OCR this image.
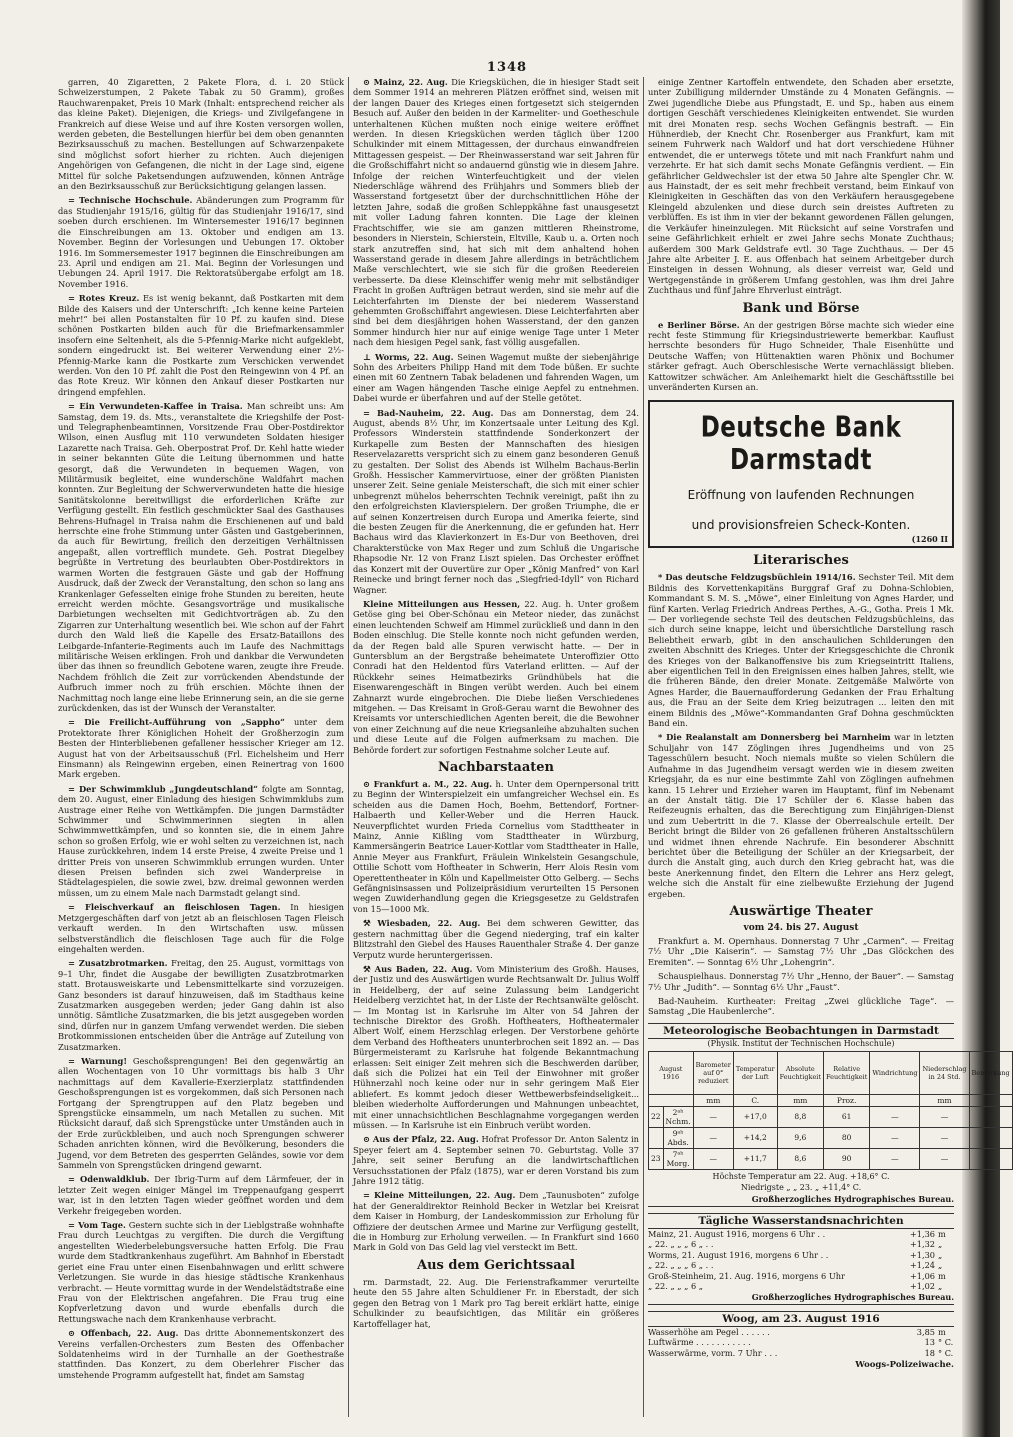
1348

garren, 40 Zigaretten, 2 Pakete Flora, d. i. 20 Stück Schweizerstumpen, 2 Pakete Tabak zu 50 Gramm), großes Rauchwarenpaket, Preis 10 Mark (Inhalt: entsprechend reicher als das kleine Paket). Diejenigen, die Kriegs- und Zivilgefangene in Frankreich auf diese Weise und auf ihre Kosten versorgen wollen, werden gebeten, die Bestellungen hierfür bei dem oben genannten Bezirksausschuß zu machen. Bestellungen auf Schwarzenpakete sind möglichst sofort hierher zu richten. Auch diejenigen Angehörigen von Gefangenen, die nicht in der Lage sind, eigene Mittel für solche Paketsendungen aufzuwenden, können Anträge an den Bezirksausschuß zur Berücksichtigung gelangen lassen.

= Technische Hochschule. Abänderungen zum Programm für das Studienjahr 1915/16, gültig für das Studienjahr 1916/17, sind soeben durch erschienen. Im Wintersemester 1916/17 beginnen die Einschreibungen am 13. Oktober und endigen am 13. November. Beginn der Vorlesungen und Uebungen 17. Oktober 1916. Im Sommersemester 1917 beginnen die Einschreibungen am 23. April und endigen am 21. Mai. Beginn der Vorlesungen und Uebungen 24. April 1917. Die Rektoratsübergabe erfolgt am 18. November 1916.

= Rotes Kreuz. Es ist wenig bekannt, daß Postkarten mit dem Bilde des Kaisers und der Unterschrift: „Ich kenne keine Parteien mehr!“ bei allen Postanstalten für 10 Pf. zu kaufen sind. Diese schönen Postkarten bilden auch für die Briefmarkensammler insofern eine Seltenheit, als die 5-Pfennig-Marke nicht aufgeklebt, sondern eingedruckt ist. Bei weiterer Verwendung einer 2½-Pfennig-Marke kann die Postkarte zum Verschicken verwendet werden. Von den 10 Pf. zahlt die Post den Reingewinn von 4 Pf. an das Rote Kreuz. Wir können den Ankauf dieser Postkarten nur dringend empfehlen.

= Ein Verwundeten-Kaffee in Traisa. Man schreibt uns: Am Samstag, dem 19. ds. Mts., veranstaltete die Kriegshilfe der Post- und Telegraphenbeamtinnen, Vorsitzende Frau Ober-Postdirektor Wilson, einen Ausflug mit 110 verwundeten Soldaten hiesiger Lazarette nach Traisa. Geh. Oberpostrat Prof. Dr. Kehl hatte wieder in seiner bekannten Güte die Leitung übernommen und hatte gesorgt, daß die Verwundeten in bequemen Wagen, von Militärmusik begleitet, eine wunderschöne Waldfahrt machen konnten. Zur Begleitung der Schwerverwundeten hatte die hiesige Sanitätskolonne bereitwilligst die erforderlichen Kräfte zur Verfügung gestellt. Ein festlich geschmückter Saal des Gasthauses Behrens-Hufnagel in Traisa nahm die Erschienenen auf und bald herrschte eine frohe Stimmung unter Gästen und Gastgeberinnen, da auch für Bewirtung, freilich den derzeitigen Verhältnissen angepaßt, allen vortrefflich mundete. Geh. Postrat Diegelbey begrüßte in Vertretung des beurlaubten Ober-Postdirektors in warmen Worten die festgrauen Gäste und gab der Hoffnung Ausdruck, daß der Zweck der Veranstaltung, den schon so lang ans Krankenlager Gefesselten einige frohe Stunden zu bereiten, heute erreicht werden möchte. Gesangsvorträge und musikalische Darbietungen wechselten mit Gedichtvorträgen ab. Zu den Zigarren zur Unterhaltung wesentlich bei. Wie schon auf der Fahrt durch den Wald ließ die Kapelle des Ersatz-Bataillons des Leibgarde-Infanterie-Regiments auch im Laufe des Nachmittags militärische Weisen erklingen. Froh und dankbar die Verwundeten über das ihnen so freundlich Gebotene waren, zeugte ihre Freude. Nachdem fröhlich die Zeit zur vorrückenden Abendstunde der Aufbruch immer noch zu früh erschien. Möchte ihnen der Nachmittag noch lange eine liebe Erinnerung sein, an die sie gerne zurückdenken, das ist der Wunsch der Veranstalter.

= Die Freilicht-Aufführung von „Sappho“ unter dem Protektorate Ihrer Königlichen Hoheit der Großherzogin zum Besten der Hinterbliebenen gefallener hessischer Krieger am 12. August hat von der Arbeitsausschuß (Frl. Eichelsheim und Herr Einsmann) als Reingewinn ergeben, einen Reinertrag von 1600 Mark ergeben.

= Der Schwimmklub „Jungdeutschland“ folgte am Sonntag, dem 20. August, einer Einladung des hiesigen Schwimmklubs zum Austrage einer Reihe von Wettkämpfen. Die jungen Darmstädter Schwimmer und Schwimmerinnen siegten in allen Schwimmwettkämpfen, und so konnten sie, die in einem Jahre schon so großen Erfolg, wie er wohl selten zu verzeichnen ist, nach Hause zurückkehren, indem 14 erste Preise, 4 zweite Preise und 1 dritter Preis von unseren Schwimmklub errungen wurden. Unter diesen Preisen befinden sich zwei Wanderpreise in Städtelagespielen, die sowie zwei, bzw. dreimal gewonnen werden müssen, um zu einem Male nach Darmstadt gelangt sind.

= Fleischverkauf an fleischlosen Tagen. In hiesigen Metzgergeschäften darf von jetzt ab an fleischlosen Tagen Fleisch verkauft werden. In den Wirtschaften usw. müssen selbstverständlich die fleischlosen Tage auch für die Folge eingehalten werden.

= Zusatzbrotmarken. Freitag, den 25. August, vormittags von 9–1 Uhr, findet die Ausgabe der bewilligten Zusatzbrotmarken statt. Brotausweiskarte und Lebensmittelkarte sind vorzuzeigen. Ganz besonders ist darauf hinzuweisen, daß im Stadthaus keine Zusatzmarken ausgegeben werden; jeder Gang dahin ist also unnötig. Sämtliche Zusatzmarken, die bis jetzt ausgegeben worden sind, dürfen nur in ganzem Umfang verwendet werden. Die sieben Brotkommissionen entscheiden über die Anträge auf Zuteilung von Zusatzmarken.

= Warnung! Geschoßsprengungen! Bei den gegenwärtig an allen Wochentagen von 10 Uhr vormittags bis halb 3 Uhr nachmittags auf dem Kavallerie-Exerzierplatz stattfindenden Geschoßsprengungen ist es vorgekommen, daß sich Personen nach Fortgang der Sprengtruppen auf den Platz begeben und Sprengstücke einsammeln, um nach Metallen zu suchen. Mit Rücksicht darauf, daß sich Sprengstücke unter Umständen auch in der Erde zurückbleiben, und auch noch Sprengungen schwerer Schaden anrichten können, wird die Bevölkerung, besonders die Jugend, vor dem Betreten des gesperrten Geländes, sowie vor dem Sammeln von Sprengstücken dringend gewarnt.

= Odenwaldklub. Der Ibrig-Turm auf dem Lärmfeuer, der in letzter Zeit wegen einiger Mängel im Treppenaufgang gesperrt war, ist in den letzten Tagen wieder geöffnet worden und dem Verkehr freigegeben worden.

= Vom Tage. Gestern suchte sich in der Lieblgstraße wohnhafte Frau durch Leuchtgas zu vergiften. Die durch die Vergiftung angestellten Wiederbelebungsversuche hatten Erfolg. Die Frau wurde dem Stadtkrankenhaus zugeführt. Am Bahnhof in Eberstadt geriet eine Frau unter einen Eisenbahnwagen und erlitt schwere Verletzungen. Sie wurde in das hiesige städtische Krankenhaus verbracht. — Heute vormittag wurde in der Wendelstädtstraße eine Frau von der Elektrischen angefahren. Die Frau trug eine Kopfverletzung davon und wurde ebenfalls durch die Rettungswache nach dem Krankenhause verbracht.

⊙ Offenbach, 22. Aug. Das dritte Abonnementskonzert des Vereins verfallen-Orchesters zum Besten des Offenbacher Soldatenheims wird in der Turnhalle an der Goethestraße stattfinden. Das Konzert, zu dem Oberlehrer Fischer das umstehende Programm aufgestellt hat, findet am Samstag

⊙ Mainz, 22. Aug. Die Kriegsküchen, die in hiesiger Stadt seit dem Sommer 1914 an mehreren Plätzen eröffnet sind, weisen mit der langen Dauer des Krieges einen fortgesetzt sich steigernden Besuch auf. Außer den beiden in der Karmeliter- und Goetheschule unterhaltenen Küchen mußten noch einige weitere eröffnet werden. In diesen Kriegsküchen werden täglich über 1200 Schulkinder mit einem Mittagessen, der durchaus einwandfreien Mittagessen gespeist. — Der Rheinwasserstand war seit Jahren für die Großschiffahrt nicht so andauernd günstig wie in diesem Jahre. Infolge der reichen Winterfeuchtigkeit und der vielen Niederschläge während des Frühjahrs und Sommers blieb der Wasserstand fortgesetzt über der durchschnittlichen Höhe der letzten Jahre, sodaß die großen Schleppkähne fast unausgesetzt mit voller Ladung fahren konnten. Die Lage der kleinen Frachtschiffer, wie sie am ganzen mittleren Rheinstrome, besonders in Nierstein, Schierstein, Eltville, Kaub u. a. Orten noch stark anzutreffen sind, hat sich mit dem anhaltend hohen Wasserstand gerade in diesem Jahre allerdings in beträchtlichem Maße verschlechtert, wie sie sich für die großen Reedereien verbesserte. Da diese Kleinschiffer wenig mehr mit selbständiger Fracht in großen Aufträgen betraut werden, sind sie mehr auf die Leichterfahrten im Dienste der bei niederem Wasserstand gehemmten Großschiffahrt angewiesen. Diese Leichterfahrten aber sind bei dem diesjährigen hohen Wasserstand, der den ganzen Sommer hindurch hier nur auf einige wenige Tage unter 1 Meter nach dem hiesigen Pegel sank, fast völlig ausgefallen.

⊥ Worms, 22. Aug. Seinen Wagemut mußte der siebenjährige Sohn des Arbeiters Philipp Hand mit dem Tode büßen. Er suchte einen mit 60 Zentnern Tabak beladenen und fahrenden Wagen, um einer am Wagen hängenden Tasche einige Aepfel zu entnehmen. Dabei wurde er überfahren und auf der Stelle getötet.

= Bad-Nauheim, 22. Aug. Das am Donnerstag, dem 24. August, abends 8½ Uhr, im Konzertsaale unter Leitung des Kgl. Professors Winderstein stattfindende Sonderkonzert der Kurkapelle zum Besten der Mannschaften des hiesigen Reservelazaretts verspricht sich zu einem ganz besonderen Genuß zu gestalten. Der Solist des Abends ist Wilhelm Bachaus-Berlin Großh. Hessischer Kammervirtuose, einer der größten Pianisten unserer Zeit. Seine geniale Meisterschaft, die sich mit einer schier unbegrenzt mühelos beherrschten Technik vereinigt, paßt ihn zu den erfolgreichsten Klavierspielern. Der großen Triumphe, die er auf seinen Konzertreisen durch Europa und Amerika feierte, sind die besten Zeugen für die Anerkennung, die er gefunden hat. Herr Bachaus wird das Klavierkonzert in Es-Dur von Beethoven, drei Charakterstücke von Max Reger und zum Schluß die Ungarische Rhapsodie Nr. 12 von Franz Liszt spielen. Das Orchester eröffnet das Konzert mit der Ouvertüre zur Oper „König Manfred“ von Karl Reinecke und bringt ferner noch das „Siegfried-Idyll“ von Richard Wagner.

Kleine Mitteilungen aus Hessen, 22. Aug. h. Unter großem Getöse ging bei Ober-Schönau ein Meteor nieder, das zunächst einen leuchtenden Schweif am Himmel zurückließ und dann in den Boden einschlug. Die Stelle konnte noch nicht gefunden werden, da der Regen bald alle Spuren verwischt hatte. — Der in Guntersblum an der Bergstraße beheimatete Unteroffizier Otto Conradi hat den Heldentod fürs Vaterland erlitten. — Auf der Rückkehr seines Heimatbezirks Gründhübels hat die Eisenwarengeschäft in Bingen verübt werden. Auch bei einem Zahnarzt wurde eingebrochen. Die Diebe ließen Verschiedenes mitgehen. — Das Kreisamt in Groß-Gerau warnt die Bewohner des Kreisamts vor unterschiedlichen Agenten bereit, die die Bewohner von einer Zeichnung auf die neue Kriegsanleihe abzuhalten suchen und diese Leute auf die Folgen aufmerksam zu machen. Die Behörde fordert zur sofortigen Festnahme solcher Leute auf.

Nachbarstaaten

⊙ Frankfurt a. M., 22. Aug. h. Unter dem Opernpersonal tritt zu Beginn der Winterspielzeit ein umfangreicher Wechsel ein. Es scheiden aus die Damen Hoch, Boehm, Bettendorf, Fortner-Halbaerth und Keller-Weber und die Herren Hauck. Neuverpflichtet wurden Frieda Cornelius vom Stadttheater in Mainz, Annie Kißling vom Stadttheater in Würzburg, Kammersängerin Beatrice Lauer-Kottlar vom Stadttheater in Halle, Annie Meyer aus Frankfurt, Fräulein Winkelstein Gesangschule, Ottilie Schott vom Hoftheater in Schwerin, Herr Alois Resin vom Operettentheater in Köln und Kapellmeister Otto Gelberg. — Sechs Gefängnisinsassen und Polizeipräsidium verurteilten 15 Personen wegen Zuwiderhandlung gegen die Kriegsgesetze zu Geldstrafen von 15—1000 Mk.

⚒ Wiesbaden, 22. Aug. Bei dem schweren Gewitter, das gestern nachmittag über die Gegend niederging, traf ein kalter Blitzstrahl den Giebel des Hauses Rauenthaler Straße 4. Der ganze Verputz wurde heruntergerissen.

⚒ Aus Baden, 22. Aug. Vom Ministerium des Großh. Hauses, der Justiz und des Auswärtigen wurde Rechtsanwalt Dr. Julius Wolff in Heidelberg, der auf seine Zulassung beim Landgericht Heidelberg verzichtet hat, in der Liste der Rechtsanwälte gelöscht. — Im Montag ist in Karlsruhe im Alter von 54 Jahren der technische Direktor des Großh. Hoftheaters, Hoftheatermaler Albert Wolf, einem Herzschlag erlegen. Der Verstorbene gehörte dem Verband des Hoftheaters ununterbrochen seit 1892 an. — Das Bürgermeisteramt zu Karlsruhe hat folgende Bekanntmachung erlassen: Seit einiger Zeit mehren sich die Beschwerden darüber, daß sich die Polizei hat ein Teil der Einwohner mit großer Hühnerzahl noch keine oder nur in sehr geringem Maß Eier abliefert. Es kommt jedoch dieser Wettbewerbsfeindseligkeit... bleiben wiederholte Aufforderungen und Mahnungen unbeachtet, mit einer unnachsichtlichen Beschlagnahme vorgegangen werden müssen. — In Karlsruhe ist ein Einbruch verübt worden.

⊙ Aus der Pfalz, 22. Aug. Hofrat Professor Dr. Anton Salentz in Speyer feiert am 4. September seinen 70. Geburtstag. Volle 37 Jahre, seit seiner Berufung an die landwirtschaftlichen Versuchsstationen der Pfalz (1875), war er deren Vorstand bis zum Jahre 1912 tätig.

= Kleine Mitteilungen, 22. Aug. Dem „Taunusboten“ zufolge hat der Generaldirektor Reinhold Becker in Wetzlar bei Kreisrat dem Kaiser in Homburg, der Landeskommission zur Erholung für Offiziere der deutschen Armee und Marine zur Verfügung gestellt, die in Homburg zur Erholung verweilen. — In Frankfurt sind 1660 Mark in Gold von Das Geld lag viel versteckt im Bett.

Aus dem Gerichtssaal

rm. Darmstadt, 22. Aug. Die Ferienstrafkammer verurteilte heute den 55 Jahre alten Schuldiener Fr. in Eberstadt, der sich gegen den Betrag von 1 Mark pro Tag bereit erklärt hatte, einige Schulkinder zu beaufsichtigen, das Militär ein größeres Kartoffellager hat,

einige Zentner Kartoffeln entwendete, den Schaden aber ersetzte, unter Zubilligung mildernder Umstände zu 4 Monaten Gefängnis. — Zwei jugendliche Diebe aus Pfungstadt, E. und Sp., haben aus einem dortigen Geschäft verschiedenes Kleinigkeiten entwendet. Sie wurden mit drei Monaten resp. sechs Wochen Gefängnis bestraft. — Ein Hühnerdieb, der Knecht Chr. Rosenberger aus Frankfurt, kam mit seinem Fuhrwerk nach Waldorf und hat dort verschiedene Hühner entwendet, die er unterwegs tötete und mit nach Frankfurt nahm und verzehrte. Er hat sich damit sechs Monate Gefängnis verdient. — Ein gefährlicher Geldwechsler ist der etwa 50 Jahre alte Spengler Chr. W. aus Hainstadt, der es seit mehr frechbeit verstand, beim Einkauf von Kleinigkeiten in Geschäften das von den Verkäufern herausgegebene Kleingeld abzulenken und diese durch sein dreistes Auftreten zu verblüffen. Es ist ihm in vier der bekannt gewordenen Fällen gelungen, die Verkäufer hineinzulegen. Mit Rücksicht auf seine Vorstrafen und seine Gefährlichkeit erhielt er zwei Jahre sechs Monate Zuchthaus; außerdem 300 Mark Geldstrafe evtl. 30 Tage Zuchthaus. — Der 45 Jahre alte Arbeiter J. E. aus Offenbach hat seinem Arbeitgeber durch Einsteigen in dessen Wohnung, als dieser verreist war, Geld und Wertgegenstände in größerem Umfang gestohlen, was ihm drei Jahre Zuchthaus und fünf Jahre Ehrverlust einträgt.

Bank und Börse

e Berliner Börse. An der gestrigen Börse machte sich wieder eine recht feste Stimmung für Kriegsindustriewerte bemerkbar. Kauflust herrschte besonders für Hugo Schneider, Thale Eisenhütte und Deutsche Waffen; von Hüttenaktien waren Phönix und Bochumer stärker gefragt. Auch Oberschlesische Werte vernachlässigt blieben. Kattowitzer schwächer. Am Anleihemarkt hielt die Geschäftsstille bei unveränderten Kursen an.

Deutsche Bank Darmstadt
Eröffnung von laufenden Rechnungen
und provisionsfreien Scheck-Konten.
(1260 II
Literarisches

* Das deutsche Feldzugsbüchlein 1914/16. Sechster Teil. Mit dem Bildnis des Korvettenkapitäns Burggraf Graf zu Dohna-Schlobien, Kommandant S. M. S. „Möwe“, einer Einleitung von Agnes Harder, und fünf Karten. Verlag Friedrich Andreas Perthes, A.-G., Gotha. Preis 1 Mk. — Der vorliegende sechste Teil des deutschen Feldzugsbüchleins, das sich durch seine knappe, leicht und übersichtliche Darstellung rasch Beliebtheit erwarb, gibt in den anschaulichen Schilderungen den zweiten Abschnitt des Krieges. Unter der Kriegsgeschichte die Chronik des Krieges von der Balkanoffensive bis zum Kriegseintritt Italiens, aber eigentlichen Teil in den Ereignissen eines halben Jahres, stellt, wie die früheren Bände, den dreier Monate. Zeitgemäße Malwörte von Agnes Harder, die Bauernaufforderung Gedanken der Frau Erhaltung aus, die Frau an der Seite dem Krieg beizutragen ... leiten den mit einem Bildnis des „Möwe“-Kommandanten Graf Dohna geschmückten Band ein.

* Die Realanstalt am Donnersberg bei Marnheim war in letzten Schuljahr von 147 Zöglingen ihres Jugendheims und von 25 Tagesschülern besucht. Noch niemals mußte so vielen Schülern die Aufnahme in das Jugendheim versagt werden wie in diesem zweiten Kriegsjahr, da es nur eine bestimmte Zahl von Zöglingen aufnehmen kann. 15 Lehrer und Erzieher waren im Hauptamt, fünf im Nebenamt an der Anstalt tätig. Die 17 Schüler der 6. Klasse haben das Reifezeugnis erhalten, das die Berechtigung zum Einjährigen-Dienst und zum Uebertritt in die 7. Klasse der Oberrealschule erteilt. Der Bericht bringt die Bilder von 26 gefallenen früheren Anstaltsschülern und widmet ihnen ehrende Nachrufe. Ein besonderer Abschnitt berichtet über die Beteiligung der Schüler an der Kriegsarbeit, der durch die Anstalt ging, auch durch den Krieg gebracht hat, was die beste Anerkennung findet, den Eltern die Lehrer ans Herz gelegt, welche sich die Anstalt für eine zielbewußte Erziehung der Jugend ergeben.

Auswärtige Theater
vom 24. bis 27. August

Frankfurt a. M. Opernhaus. Donnerstag 7 Uhr „Carmen“. — Freitag 7½ Uhr „Die Kaiserin“. — Samstag 7½ Uhr „Das Glöckchen des Eremiten“. — Sonntag 6½ Uhr „Lohengrin“.

Schauspielhaus. Donnerstag 7½ Uhr „Henno, der Bauer“. — Samstag 7½ Uhr „Judith“. — Sonntag 6½ Uhr „Faust“.

Bad-Nauheim. Kurtheater: Freitag „Zwei glückliche Tage“. — Samstag „Die Haubenlerche“.

Meteorologische Beobachtungen in Darmstadt
(Physik. Institut der Technischen Hochschule)
August
1916		Barometer auf 0° reduziert	Temperatur der Luft	Absolute Feuchtigkeit	Relative Feuchtigkeit	Windrichtung	Niederschlag in 24 Std.	Bemerkung
		mm	C.	mm	Proz.		mm	
22	2ᵃʰ Nchm.	—	+17,0	8,8	61	—	—	
	9ᵃʰ Abds.	—	+14,2	9,6	80	—	—	
23	7ᵃʰ Morg.	—	+11,7	8,6	90	—	—	
Höchste Temperatur am 22. Aug. +18,6° C.
Niedrigste „ „ 23. „ +11,4° C.
Großherzogliches Hydrographisches Bureau.
Tägliche Wasserstandsnachrichten
Mainz, 21. August 1916, morgens 6 Uhr . .	+1,36 m
„ 22. „ „ „ 6 „ . .	+1,32 „
Worms, 21. August 1916, morgens 6 Uhr . .	+1,30 „
„ 22. „ „ „ 6 „ . .	+1,24 „
Groß-Steinheim, 21. Aug. 1916, morgens 6 Uhr	+1,06 m
„ 22. „ „ „ 6 „	+1,02 „
Großherzogliches Hydrographisches Bureau.
Woog, am 23. August 1916
Wasserhöhe am Pegel . . . . . .	3,85 m
Luftwärme . . . . . . . . . . .	13 ° C.
Wasserwärme, vorm. 7 Uhr . . .	18 ° C.
Woogs-Polizeiwache.
